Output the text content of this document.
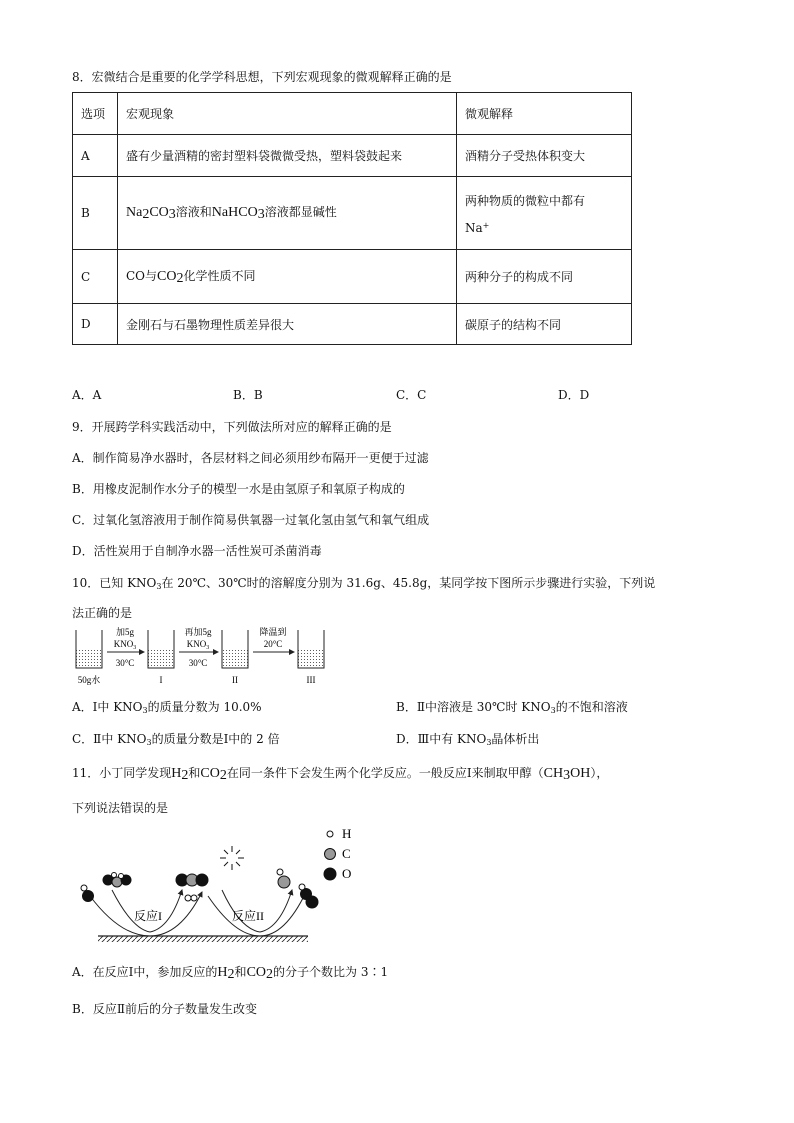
8．宏微结合是重要的化学学科思想，下列宏观现象的微观解释正确的是
选项	宏观现象	微观解释
A	盛有少量酒精的密封塑料袋微微受热，塑料袋鼓起来	酒精分子受热体积变大
B	Na2CO3溶液和NaHCO3溶液都显碱性	两种物质的微粒中都有
Na+

C	CO与CO2化学性质不同	两种分子的构成不同
D	金刚石与石墨物理性质差异很大	碳原子的结构不同
A．A	B．B	C．C	D．D
9．开展跨学科实践活动中，下列做法所对应的解释正确的是
A．制作简易净水器时，各层材料之间必须用纱布隔开一更便于过滤
B．用橡皮泥制作水分子的模型一水是由氢原子和氧原子构成的
C．过氧化氢溶液用于制作简易供氧器一过氧化氢由氢气和氧气组成
D．活性炭用于自制净水器一活性炭可杀菌消毒
10．已知 $KNO_3$在 20℃、30℃时的溶解度分别为 31.6g、45.8g，某同学按下图所示步骤进行实验，下列说
法正确的是
加5g
$KNO_3$
30°C
再加5g
$KNO_3$
30°C
降温到
20°C
50g水	I	II	III
A．Ⅰ中 $KNO_3$的质量分数为 10.0%	B．Ⅱ中溶液是 30℃时 $KNO_3$的不饱和溶液
C．Ⅱ中 $KNO_3$的质量分数是Ⅰ中的 2 倍	D．Ⅲ中有 $KNO_3$晶体析出
11．小丁同学发现H2和CO2在同一条件下会发生两个化学反应。一般反应Ⅰ来制取甲醇（CH3OH），
下列说法错误的是
反应I	反应II
H
C
O
A．在反应Ⅰ中，参加反应的H2和CO2的分子个数比为 3∶1
B．反应Ⅱ前后的分子数量发生改变
